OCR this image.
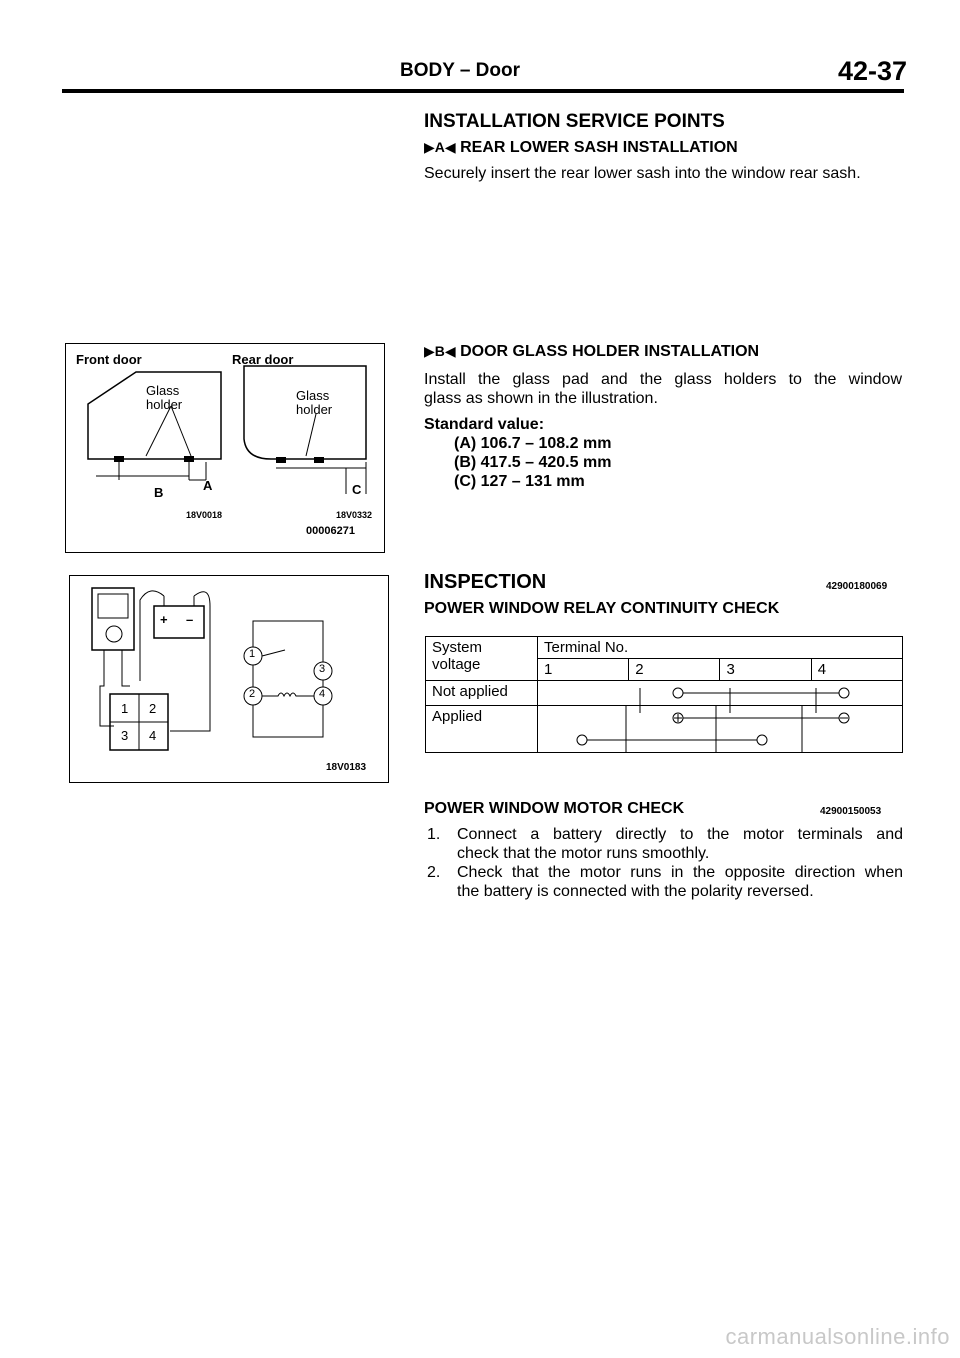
BODY – Door	42-37
INSTALLATION SERVICE POINTS
▶A◀ REAR LOWER SASH INSTALLATION
Securely insert the rear lower sash into the window rear sash.
▶B◀ DOOR GLASS HOLDER INSTALLATION
Install the glass pad and the glass holders to the window
glass as shown in the illustration.
Standard value:
(A) 106.7 – 108.2 mm
(B) 417.5 – 420.5 mm
(C) 127 – 131 mm
Front door	Rear door
Glass
holder
Glass
holder
B	A	C
18V0018	18V0332
00006271
+ –
1 2
3 4
1
3
2	4
18V0183
INSPECTION	42900180069
POWER WINDOW RELAY CONTINUITY CHECK
System
voltage	Terminal No.			
	1	2	3	4
Not applied	

Applied	
POWER WINDOW MOTOR CHECK	42900150053
1. Connect a battery directly to the motor terminals and
check that the motor runs smoothly.
2. Check that the motor runs in the opposite direction when
the battery is connected with the polarity reversed.
carmanualsonline.info
